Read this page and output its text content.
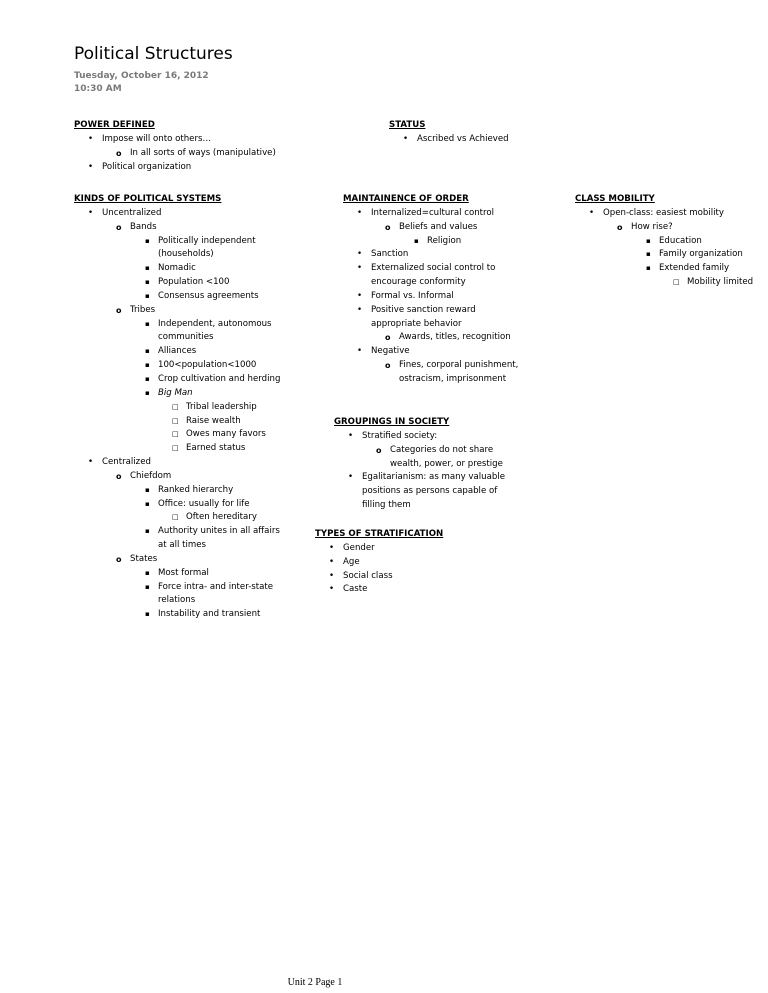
Political Structures
Tuesday, October 16, 2012
10:30 AM
POWER DEFINED
• Impose will onto others…
o In all sorts of ways (manipulative)
• Political organization
STATUS
• Ascribed vs Achieved
KINDS OF POLITICAL SYSTEMS
• Uncentralized
o Bands
▪ Politically independent
(households)
▪ Nomadic
▪ Population <100
▪ Consensus agreements
o Tribes
▪ Independent, autonomous
communities
▪ Alliances
▪ 100<population<1000
▪ Crop cultivation and herding
▪ Big Man
□ Tribal leadership
□ Raise wealth
□ Owes many favors
□ Earned status
• Centralized
o Chiefdom
▪ Ranked hierarchy
▪ Office: usually for life
□ Often hereditary
▪ Authority unites in all affairs
at all times
o States
▪ Most formal
▪ Force intra- and inter-state
relations
▪ Instability and transient
MAINTAINENCE OF ORDER
• Internalized=cultural control
o Beliefs and values
▪ Religion
• Sanction
• Externalized social control to
encourage conformity
• Formal vs. Informal
• Positive sanction reward
appropriate behavior
o Awards, titles, recognition
• Negative
o Fines, corporal punishment,
ostracism, imprisonment
GROUPINGS IN SOCIETY
• Stratified society:
o Categories do not share
wealth, power, or prestige
• Egalitarianism: as many valuable
positions as persons capable of
filling them
TYPES OF STRATIFICATION
• Gender
• Age
• Social class
• Caste
CLASS MOBILITY
• Open-class: easiest mobility
o How rise?
▪ Education
▪ Family organization
▪ Extended family
□ Mobility limited
Unit 2 Page 1
